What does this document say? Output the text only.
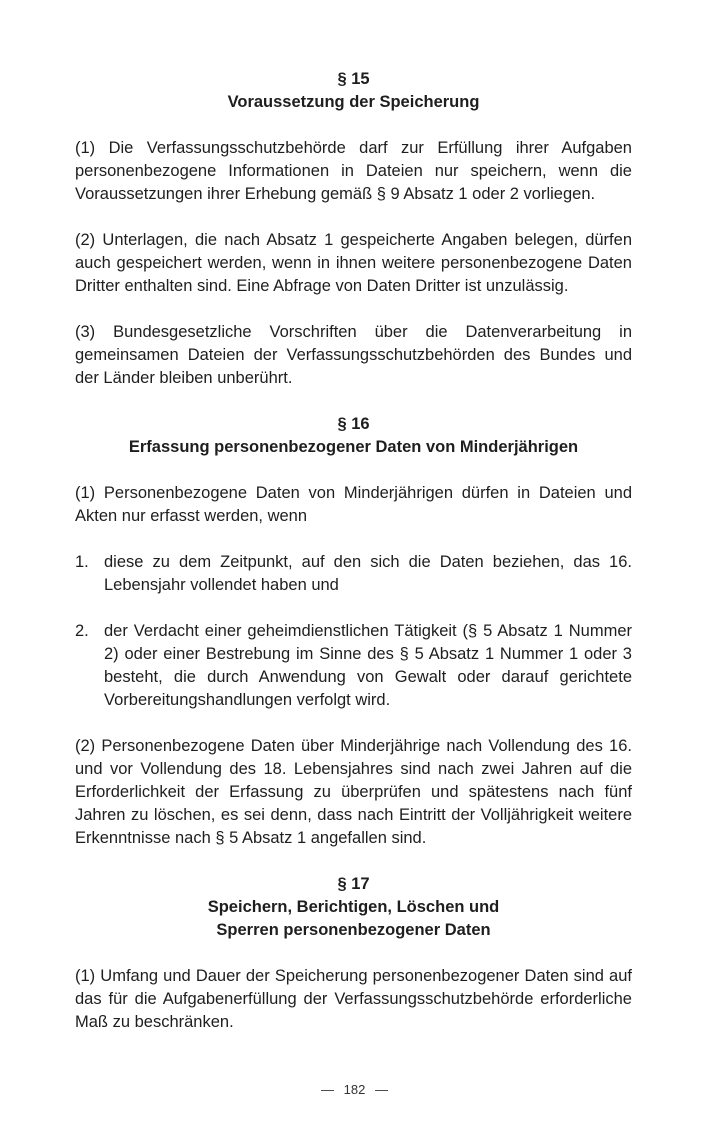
§ 15
Voraussetzung der Speicherung

(1) Die Verfassungsschutzbehörde darf zur Erfüllung ihrer Aufgaben personenbezogene Informationen in Dateien nur speichern, wenn die Voraussetzungen ihrer Erhebung gemäß § 9 Absatz 1 oder 2 vorliegen.

(2) Unterlagen, die nach Absatz 1 gespeicherte Angaben belegen, dürfen auch gespeichert werden, wenn in ihnen weitere personenbezogene Daten Dritter enthalten sind. Eine Abfrage von Daten Dritter ist unzulässig.

(3) Bundesgesetzliche Vorschriften über die Datenverarbeitung in gemeinsamen Dateien der Verfassungsschutzbehörden des Bundes und der Länder bleiben unberührt.

§ 16
Erfassung personenbezogener Daten von Minderjährigen

(1) Personenbezogene Daten von Minderjährigen dürfen in Dateien und Akten nur erfasst werden, wenn

1. diese zu dem Zeitpunkt, auf den sich die Daten beziehen, das 16. Lebensjahr vollendet haben und
2. der Verdacht einer geheimdienstlichen Tätigkeit (§ 5 Absatz 1 Nummer 2) oder einer Bestrebung im Sinne des § 5 Absatz 1 Nummer 1 oder 3 besteht, die durch Anwendung von Gewalt oder darauf gerichtete Vorbereitungshandlungen verfolgt wird.

(2) Personenbezogene Daten über Minderjährige nach Vollendung des 16. und vor Vollendung des 18. Lebensjahres sind nach zwei Jahren auf die Erforderlichkeit der Erfassung zu überprüfen und spätestens nach fünf Jahren zu löschen, es sei denn, dass nach Eintritt der Volljährigkeit weitere Erkenntnisse nach § 5 Absatz 1 angefallen sind.

§ 17
Speichern, Berichtigen, Löschen und
Sperren personenbezogener Daten

(1) Umfang und Dauer der Speicherung personenbezogener Daten sind auf das für die Aufgabenerfüllung der Verfassungsschutzbehörde erforderliche Maß zu beschränken.

— 182 —
